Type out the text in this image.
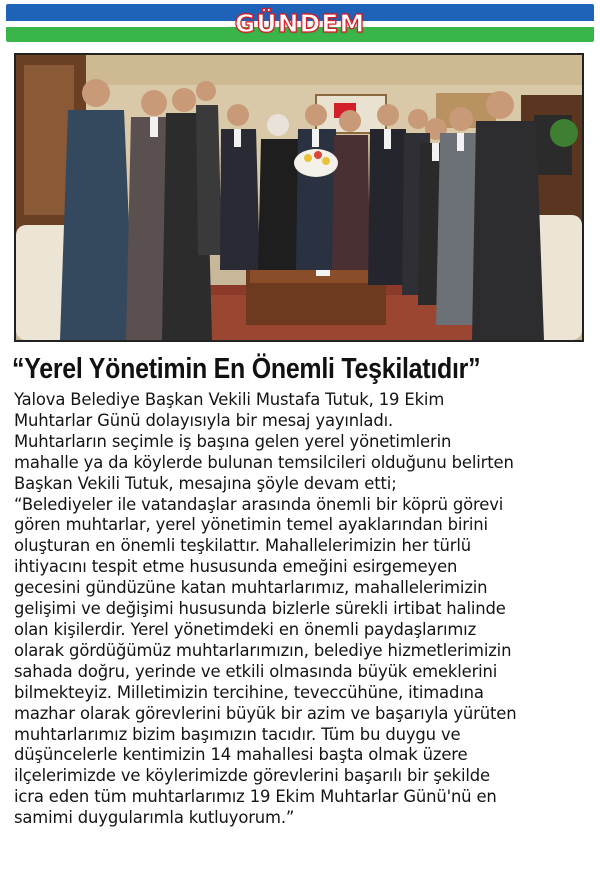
GÜNDEM
“Yerel Yönetimin En Önemli Teşkilatıdır”
Yalova Belediye Başkan Vekili Mustafa Tutuk, 19 Ekim
Muhtarlar Günü dolayısıyla bir mesaj yayınladı.
Muhtarların seçimle iş başına gelen yerel yönetimlerin
mahalle ya da köylerde bulunan temsilcileri olduğunu belirten
Başkan Vekili Tutuk, mesajına şöyle devam etti;
“Belediyeler ile vatandaşlar arasında önemli bir köprü görevi
gören muhtarlar, yerel yönetimin temel ayaklarından birini
oluşturan en önemli teşkilattır. Mahallelerimizin her türlü
ihtiyacını tespit etme hususunda emeğini esirgemeyen
gecesini gündüzüne katan muhtarlarımız, mahallelerimizin
gelişimi ve değişimi hususunda bizlerle sürekli irtibat halinde
olan kişilerdir. Yerel yönetimdeki en önemli paydaşlarımız
olarak gördüğümüz muhtarlarımızın, belediye hizmetlerimizin
sahada doğru, yerinde ve etkili olmasında büyük emeklerini
bilmekteyiz. Milletimizin tercihine, teveccühüne, itimadına
mazhar olarak görevlerini büyük bir azim ve başarıyla yürüten
muhtarlarımız bizim başımızın tacıdır. Tüm bu duygu ve
düşüncelerle kentimizin 14 mahallesi başta olmak üzere
ilçelerimizde ve köylerimizde görevlerini başarılı bir şekilde
icra eden tüm muhtarlarımız 19 Ekim Muhtarlar Günü'nü en
samimi duygularımla kutluyorum.”
